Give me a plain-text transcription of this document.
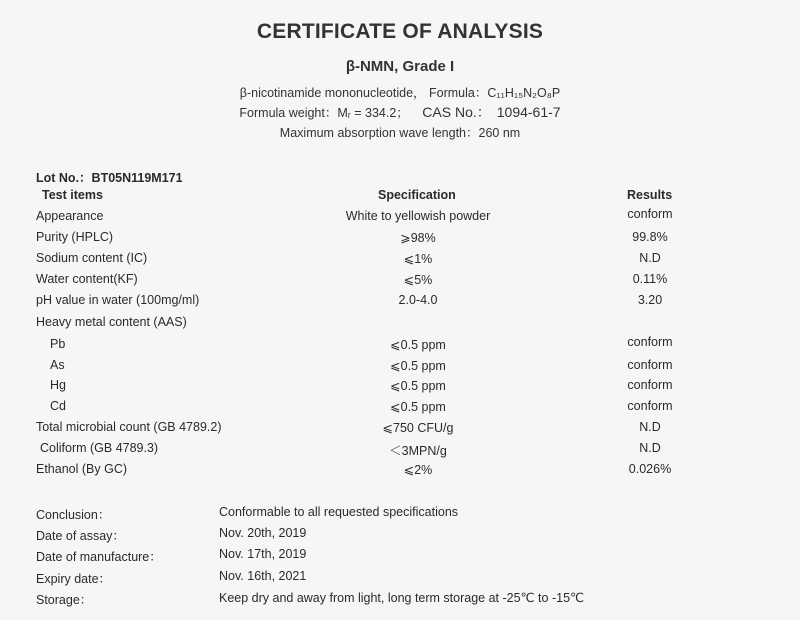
CERTIFICATE OF ANALYSIS
β-NMN, Grade I
β-nicotinamide mononucleotide， Formula：C₁₁H₁₅N₂O₈P
Formula weight：Mᵣ = 334.2； CAS No.： 1094-61-7
Maximum absorption wave length：260 nm
Lot No.：BT05N119M171
Test items	Specification	Results
Appearance	White to yellowish powder	conform
Purity (HPLC)	⩾98%	99.8%
Sodium content (IC)	⩽1%	N.D
Water content(KF)	⩽5%	0.11%
pH value in water (100mg/ml)	2.0-4.0	3.20
Heavy metal content (AAS)
Pb	⩽0.5 ppm	conform
As	⩽0.5 ppm	conform
Hg	⩽0.5 ppm	conform
Cd	⩽0.5 ppm	conform
Total microbial count (GB 4789.2)	⩽750 CFU/g	N.D
Coliform (GB 4789.3)	＜3MPN/g	N.D
Ethanol (By GC)	⩽2%	0.026%
Conclusion：	Conformable to all requested specifications
Date of assay：	Nov. 20th, 2019
Date of manufacture：	Nov. 17th, 2019
Expiry date：	Nov. 16th, 2021
Storage：	Keep dry and away from light, long term storage at -25℃ to -15℃
